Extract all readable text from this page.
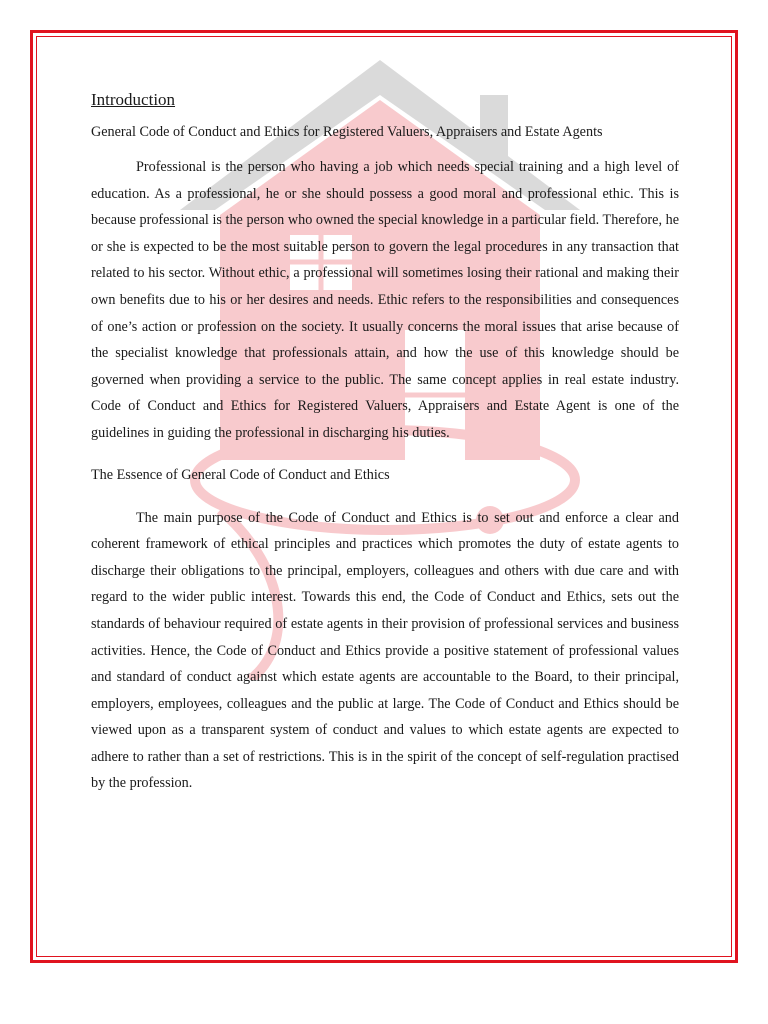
Introduction
General Code of Conduct and Ethics for Registered Valuers, Appraisers and Estate Agents

Professional is the person who having a job which needs special training and a high level of education. As a professional, he or she should possess a good moral and professional ethic. This is because professional is the person who owned the special knowledge in a particular field. Therefore, he or she is expected to be the most suitable person to govern the legal procedures in any transaction that related to his sector. Without ethic, a professional will sometimes losing their rational and making their own benefits due to his or her desires and needs. Ethic refers to the responsibilities and consequences of one’s action or profession on the society. It usually concerns the moral issues that arise because of the specialist knowledge that professionals attain, and how the use of this knowledge should be governed when providing a service to the public. The same concept applies in real estate industry. Code of Conduct and Ethics for Registered Valuers, Appraisers and Estate Agent is one of the guidelines in guiding the professional in discharging his duties.

The Essence of General Code of Conduct and Ethics

The main purpose of the Code of Conduct and Ethics is to set out and enforce a clear and coherent framework of ethical principles and practices which promotes the duty of estate agents to discharge their obligations to the principal, employers, colleagues and others with due care and with regard to the wider public interest. Towards this end, the Code of Conduct and Ethics, sets out the standards of behaviour required of estate agents in their provision of professional services and business activities. Hence, the Code of Conduct and Ethics provide a positive statement of professional values and standard of conduct against which estate agents are accountable to the Board, to their principal, employers, employees, colleagues and the public at large. The Code of Conduct and Ethics should be viewed upon as a transparent system of conduct and values to which estate agents are expected to adhere to rather than a set of restrictions. This is in the spirit of the concept of self-regulation practised by the profession.
